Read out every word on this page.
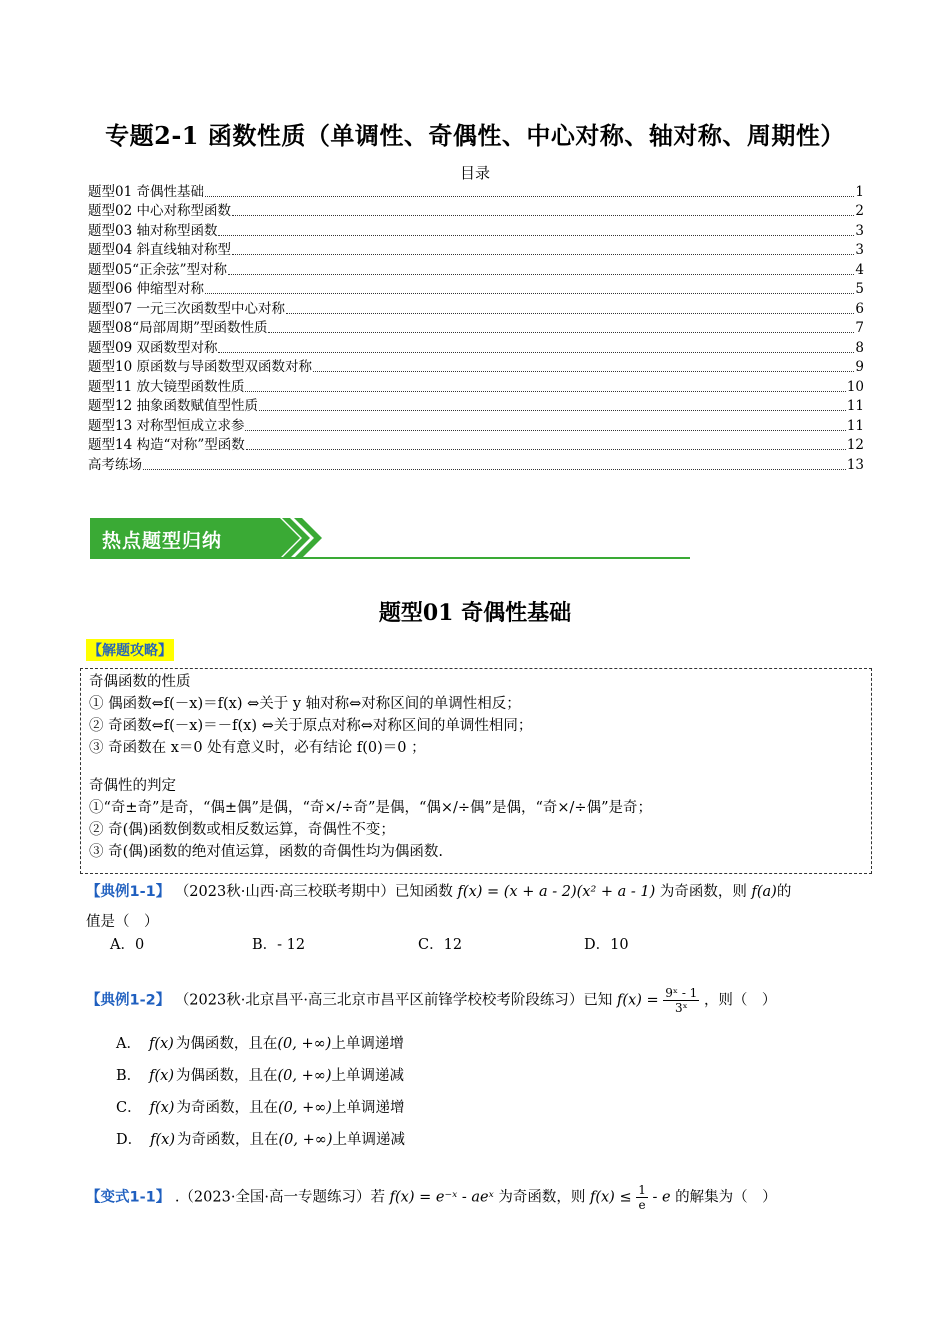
专题2-1 函数性质（单调性、奇偶性、中心对称、轴对称、周期性）
目录
题型01 奇偶性基础	1
题型02 中心对称型函数	2
题型03 轴对称型函数	3
题型04 斜直线轴对称型	3
题型05“正余弦”型对称	4
题型06 伸缩型对称	5
题型07 一元三次函数型中心对称	6
题型08“局部周期”型函数性质	7
题型09 双函数型对称	8
题型10 原函数与导函数型双函数对称	9
题型11 放大镜型函数性质	10
题型12 抽象函数赋值型性质	11
题型13 对称型恒成立求参	11
题型14 构造“对称”型函数	12
高考练场	13
热点题型归纳
题型01 奇偶性基础
【解题攻略】

奇偶函数的性质

① 偶函数⇔f(－x)＝f(x) ⇔关于 y 轴对称⇔对称区间的单调性相反；

② 奇函数⇔f(－x)＝－f(x) ⇔关于原点对称⇔对称区间的单调性相同；

③ 奇函数在 x＝0 处有意义时，必有结论 f(0)＝0 ；

奇偶性的判定

①“奇±奇”是奇，“偶±偶”是偶，“奇×/÷奇”是偶，“偶×/÷偶”是偶，“奇×/÷偶”是奇；

② 奇(偶)函数倒数或相反数运算，奇偶性不变；

③ 奇(偶)函数的绝对值运算，函数的奇偶性均为偶函数.

【典例1-1】 （2023秋·山西·高三校联考期中）已知函数 f(x) = (x + a - 2)(x² + a - 1) 为奇函数，则 f(a)的
值是（　）
A．0	B．- 12	C．12	D．10
【典例1-2】 （2023秋·北京昌平·高三北京市昌平区前锋学校校考阶段练习）已知 $f(x) = \frac{\text{9ˣ - 1}}{\text{3ˣ}}$ ，则（　）
A． f(x) 为偶函数，且在(0, +∞)上单调递增
B． f(x) 为偶函数，且在(0, +∞)上单调递减
C． f(x) 为奇函数，且在(0, +∞)上单调递增
D． f(x) 为奇函数，且在(0, +∞)上单调递减
【变式1-1】 .（2023·全国·高一专题练习）若 f(x) = e⁻ˣ - aeˣ 为奇函数，则 $f(x) \le \frac{1}{e} - e$ 的解集为（　）
